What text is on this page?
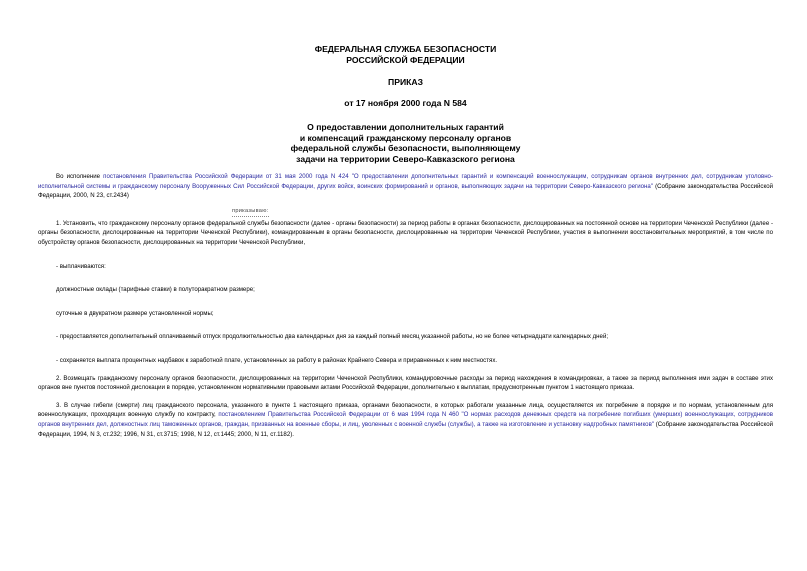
ФЕДЕРАЛЬНАЯ СЛУЖБА БЕЗОПАСНОСТИ
РОССИЙСКОЙ ФЕДЕРАЦИИ
ПРИКАЗ
от 17 ноября 2000 года N 584
О предоставлении дополнительных гарантий
и компенсаций гражданскому персоналу органов
федеральной службы безопасности, выполняющему
задачи на территории Северо-Кавказского региона

Во исполнение постановления Правительства Российской Федерации от 31 мая 2000 года N 424 "О предоставлении дополнительных гарантий и компенсаций военнослужащим, сотрудникам органов внутренних дел, сотрудникам уголовно-исполнительной системы и гражданскому персоналу Вооруженных Сил Российской Федерации, других войск, воинских формирований и органов, выполняющих задачи на территории Северо-Кавказского региона" (Собрание законодательства Российской Федерации, 2000, N 23, ст.2434)

приказываю:

1. Установить, что гражданскому персоналу органов федеральной службы безопасности (далее - органы безопасности) за период работы в органах безопасности, дислоцированных на постоянной основе на территории Чеченской Республики (далее - органы безопасности, дислоцированные на территории Чеченской Республики), командированным в органы безопасности, дислоцированные на территории Чеченской Республики, участия в выполнении восстановительных мероприятий, в том числе по обустройству органов безопасности, дислоцированных на территории Чеченской Республики,

- выплачиваются:

должностные оклады (тарифные ставки) в полуторакратном размере;

суточные в двукратном размере установленной нормы;

- предоставляется дополнительный оплачиваемый отпуск продолжительностью два календарных дня за каждый полный месяц указанной работы, но не более четырнадцати календарных дней;

- сохраняется выплата процентных надбавок к заработной плате, установленных за работу в районах Крайнего Севера и приравненных к ним местностях.

2. Возмещать гражданскому персоналу органов безопасности, дислоцированных на территории Чеченской Республики, командировочные расходы за период нахождения в командировках, а также за период выполнения ими задач в составе этих органов вне пунктов постоянной дислокации в порядке, установленном нормативными правовыми актами Российской Федерации, дополнительно к выплатам, предусмотренным пунктом 1 настоящего приказа.

3. В случае гибели (смерти) лиц гражданского персонала, указанного в пункте 1 настоящего приказа, органами безопасности, в которых работали указанные лица, осуществляется их погребение в порядке и по нормам, установленным для военнослужащих, проходящих военную службу по контракту, постановлением Правительства Российской Федерации от 6 мая 1994 года N 460 "О нормах расходов денежных средств на погребение погибших (умерших) военнослужащих, сотрудников органов внутренних дел, должностных лиц таможенных органов, граждан, призванных на военные сборы, и лиц, уволенных с военной службы (службы), а также на изготовление и установку надгробных памятников" (Собрание законодательства Российской Федерации, 1994, N 3, ст.232; 1996, N 31, ст.3715; 1998, N 12, ст.1445; 2000, N 11, ст.1182).
